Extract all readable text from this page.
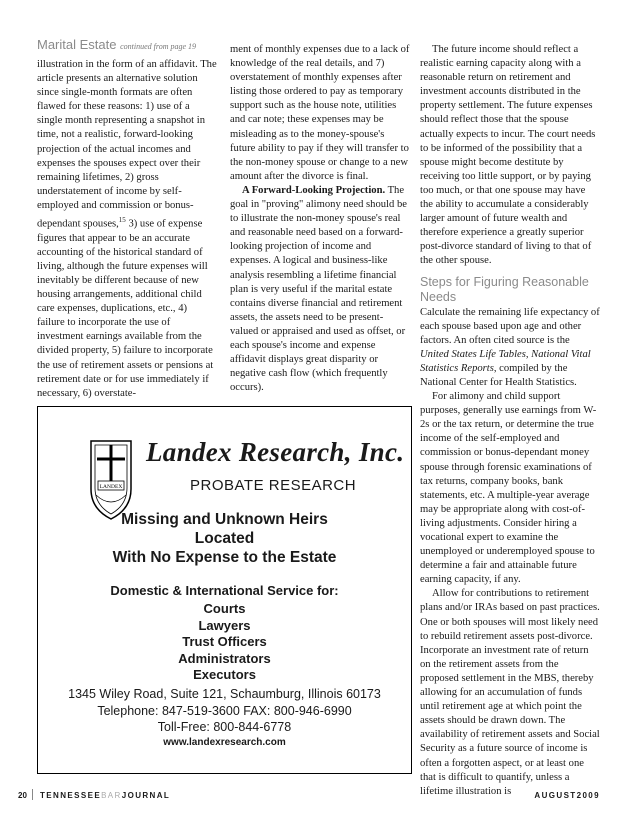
Marital Estate continued from page 19

illustration in the form of an affidavit. The article presents an alternative solution since single-month formats are often flawed for these reasons: 1) use of a single month representing a snapshot in time, not a realistic, forward-looking projection of the actual incomes and expenses the spouses expect over their remaining lifetimes, 2) gross understatement of income by self-employed and commission or bonus-dependant spouses,$^{15}$ 3) use of expense figures that appear to be an accurate accounting of the historical standard of living, although the future expenses will inevitably be different because of new housing arrangements, additional child care expenses, duplications, etc., 4) failure to incorporate the use of investment earnings available from the divided property, 5) failure to incorporate the use of retirement assets or pensions at retirement date or for use immediately if necessary, 6) overstate-

ment of monthly expenses due to a lack of knowledge of the real details, and 7) overstatement of monthly expenses after listing those ordered to pay as temporary support such as the house note, utilities and car note; these expenses may be misleading as to the money-spouse's future ability to pay if they will transfer to the non-money spouse or change to a new amount after the divorce is final.

A Forward-Looking Projection. The goal in "proving" alimony need should be to illustrate the non-money spouse's real and reasonable need based on a forward-looking projection of income and expenses. A logical and business-like analysis resembling a lifetime financial plan is very useful if the marital estate contains diverse financial and retirement assets, the assets need to be present-valued or appraised and used as offset, or each spouse's income and expense affidavit displays great disparity or negative cash flow (which frequently occurs).

The future income should reflect a realistic earning capacity along with a reasonable return on retirement and investment accounts distributed in the property settlement. The future expenses should reflect those that the spouse actually expects to incur. The court needs to be informed of the possibility that a spouse might become destitute by receiving too little support, or by paying too much, or that one spouse may have the ability to accumulate a considerably larger amount of future wealth and therefore experience a greatly superior post-divorce standard of living to that of the other spouse.

Steps for Figuring Reasonable Needs

Calculate the remaining life expectancy of each spouse based upon age and other factors. An often cited source is the United States Life Tables, National Vital Statistics Reports, compiled by the National Center for Health Statistics.

For alimony and child support purposes, generally use earnings from W-2s or the tax return, or determine the true income of the self-employed and commission or bonus-dependant money spouse through forensic examinations of tax returns, company books, bank statements, etc. A multiple-year average may be appropriate along with cost-of-living adjustments. Consider hiring a vocational expert to examine the unemployed or underemployed spouse to determine a fair and attainable future earning capacity, if any.

Allow for contributions to retirement plans and/or IRAs based on past practices. One or both spouses will most likely need to rebuild retirement assets post-divorce. Incorporate an investment rate of return on the retirement assets from the proposed settlement in the MBS, thereby allowing for an accumulation of funds until retirement age at which point the assets should be drawn down. The availability of retirement assets and Social Security as a future source of income is often a forgotten aspect, or at least one that is difficult to quantify, unless a lifetime illustration is

LANDEX
Landex Research, Inc.
PROBATE RESEARCH
Missing and Unknown Heirs
Located
With No Expense to the Estate
Domestic & International Service for:
Courts
Lawyers
Trust Officers
Administrators
Executors
1345 Wiley Road, Suite 121, Schaumburg, Illinois 60173
Telephone: 847-519-3600 FAX: 800-946-6990
Toll-Free: 800-844-6778
www.landexresearch.com
20 TENNESSEEBARJOURNAL	AUGUST2009
